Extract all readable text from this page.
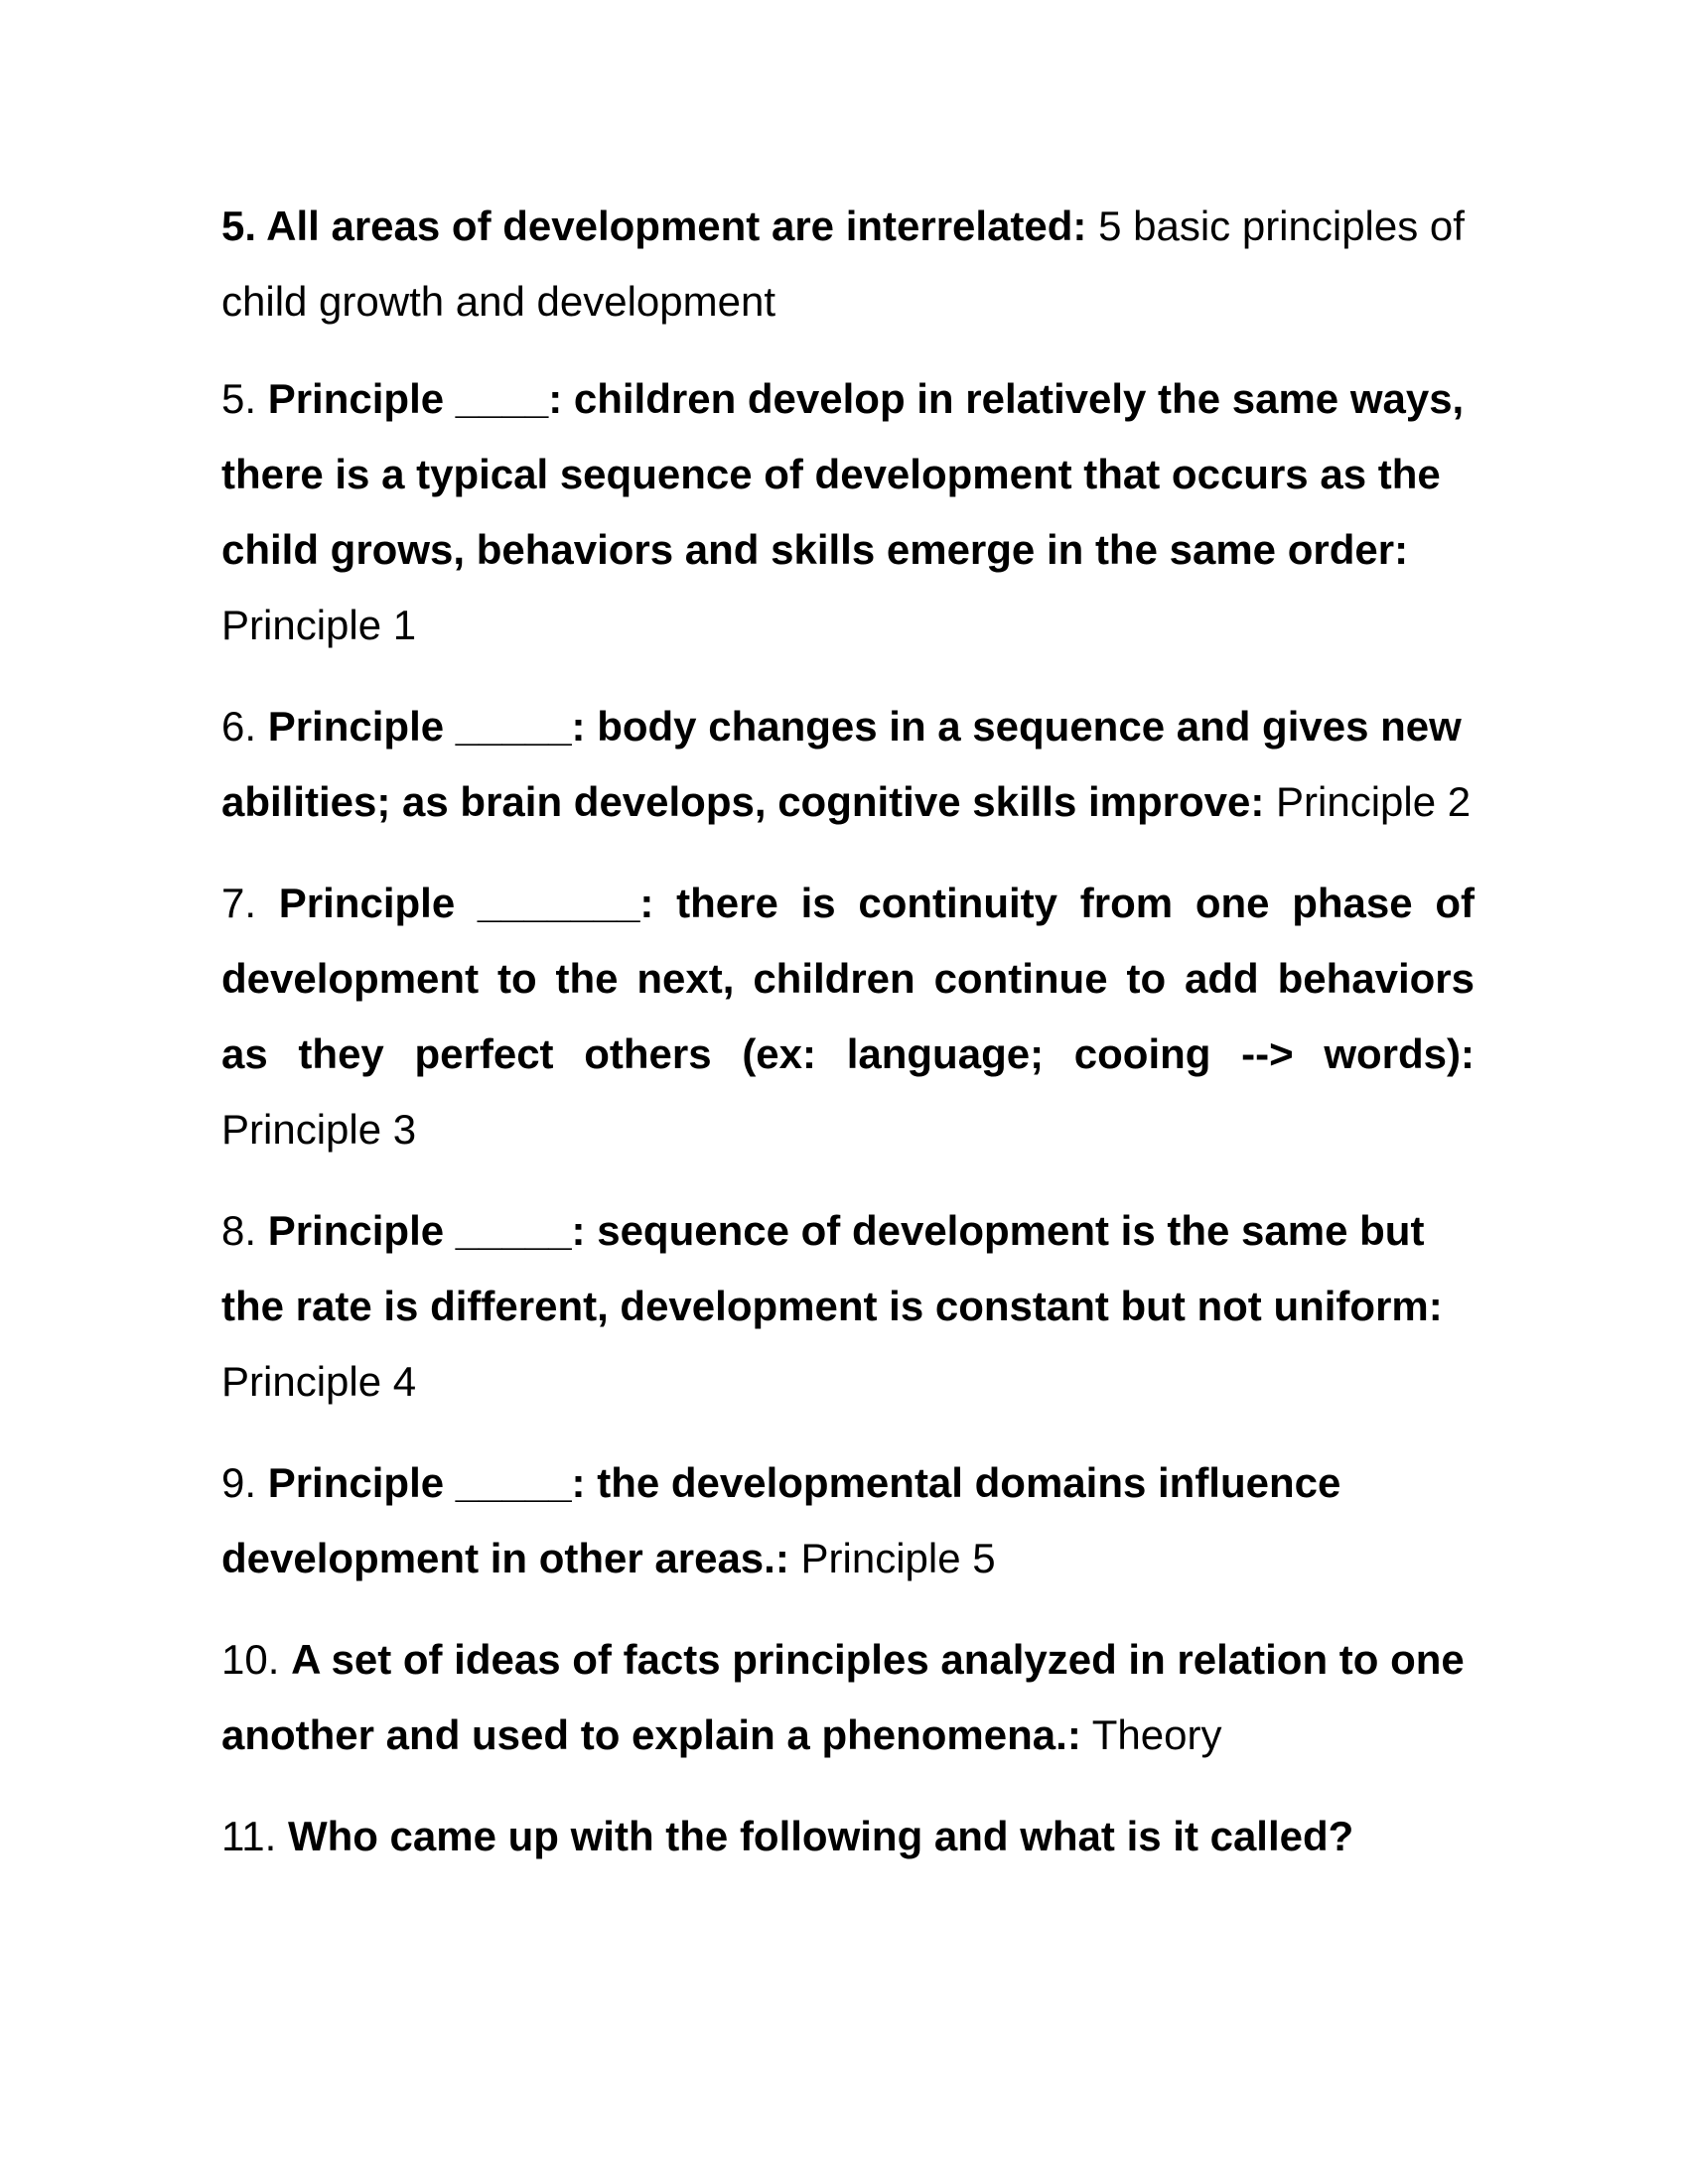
5. All areas of development are interrelated: 5 basic principles of child growth and development
5. Principle ____: children develop in relatively the same ways, there is a typical sequence of development that occurs as the child grows, behaviors and skills emerge in the same order: Principle 1
6. Principle _____: body changes in a sequence and gives new abilities; as brain develops, cognitive skills improve: Principle 2
7. Principle _______: there is continuity from one phase of development to the next, children continue to add behaviors as they perfect others (ex: language; cooing --> words): Principle 3
8. Principle _____: sequence of development is the same but the rate is different, development is constant but not uniform: Principle 4
9. Principle _____: the developmental domains influence development in other areas.: Principle 5
10. A set of ideas of facts principles analyzed in relation to one another and used to explain a phenomena.: Theory
11. Who came up with the following and what is it called?
